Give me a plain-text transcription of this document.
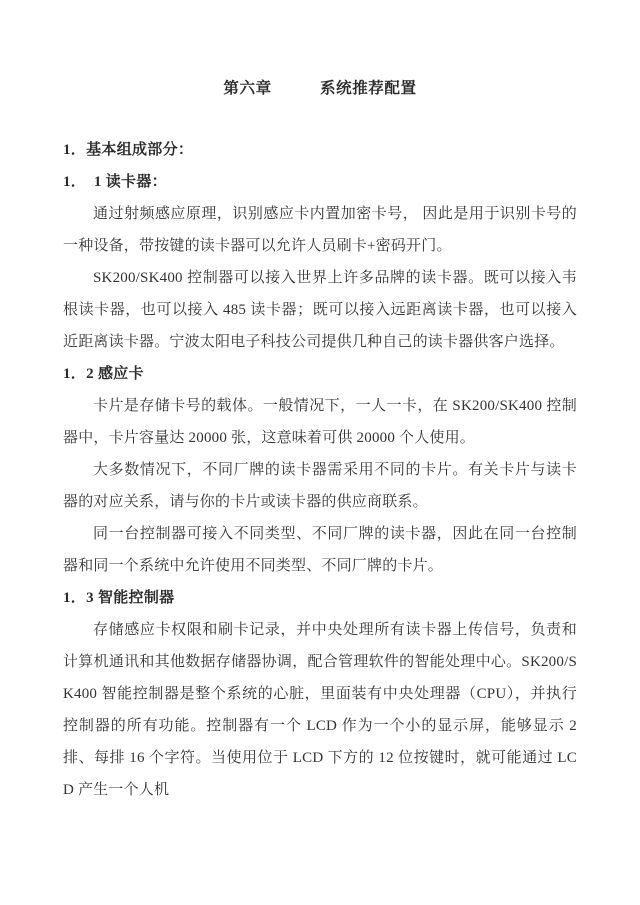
第六章　　　系统推荐配置

1．基本组成部分：

1．　1 读卡器：

通过射频感应原理，识别感应卡内置加密卡号， 因此是用于识别卡号的一种设备，带按键的读卡器可以允许人员刷卡+密码开门。

SK200/SK400 控制器可以接入世界上许多品牌的读卡器。既可以接入韦根读卡器，也可以接入 485 读卡器；既可以接入远距离读卡器，也可以接入近距离读卡器。宁波太阳电子科技公司提供几种自己的读卡器供客户选择。

1．2 感应卡

卡片是存储卡号的载体。一般情况下，一人一卡，在 SK200/SK400 控制器中，卡片容量达 20000 张，这意味着可供 20000 个人使用。

大多数情况下，不同厂牌的读卡器需采用不同的卡片。有关卡片与读卡器的对应关系，请与你的卡片或读卡器的供应商联系。

同一台控制器可接入不同类型、不同厂牌的读卡器，因此在同一台控制器和同一个系统中允许使用不同类型、不同厂牌的卡片。

1．3 智能控制器

存储感应卡权限和刷卡记录，并中央处理所有读卡器上传信号，负责和计算机通讯和其他数据存储器协调，配合管理软件的智能处理中心。SK200/SK400 智能控制器是整个系统的心脏，里面装有中央处理器（CPU），并执行控制器的所有功能。控制器有一个 LCD 作为一个小的显示屏，能够显示 2 排、每排 16 个字符。当使用位于 LCD 下方的 12 位按键时，就可能通过 LCD 产生一个人机
